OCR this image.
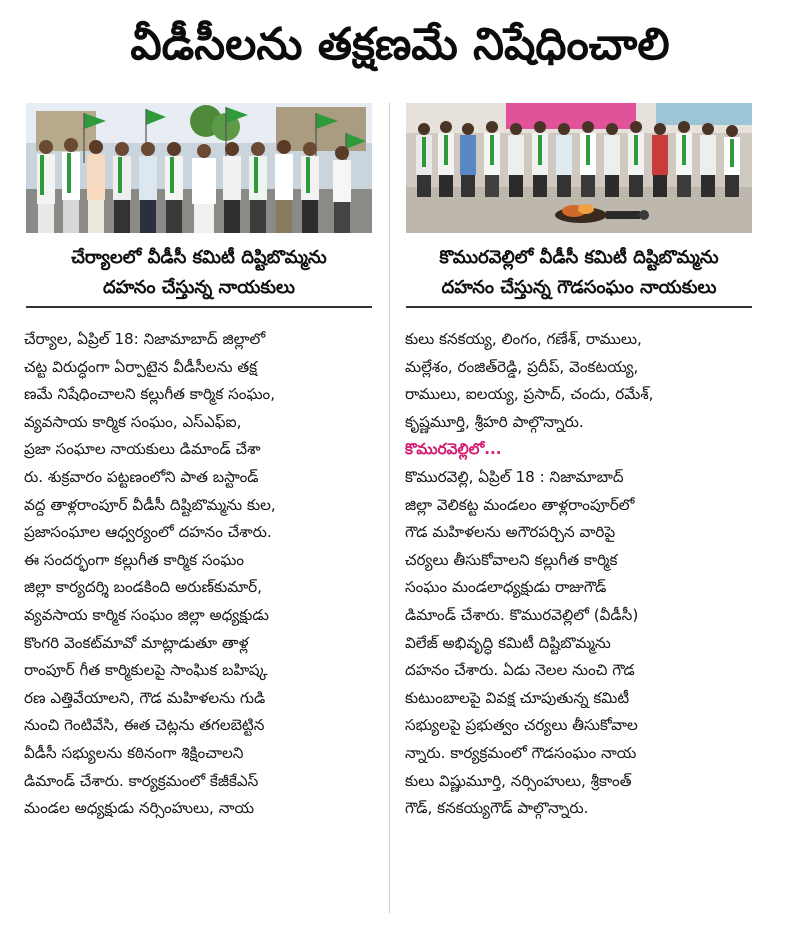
వీడీసీలను తక్షణమే నిషేధించాలి
చేర్యాలలో వీడీసీ కమిటీ దిష్టిబొమ్మను
దహనం చేస్తున్న నాయకులు
కొమురవెల్లిలో వీడీసీ కమిటీ దిష్టిబొమ్మను
దహనం చేస్తున్న గౌడసంఘం నాయకులు
చేర్యాల, ఏప్రిల్ 18: నిజామాబాద్ జిల్లాలో
చట్ట విరుద్ధంగా ఏర్పాటైన వీడీసీలను తక్ష
ణమే నిషేధించాలని కల్లుగీత కార్మిక సంఘం,
వ్యవసాయ కార్మిక సంఘం, ఎస్ఎఫ్ఐ,
ప్రజా సంఘాల నాయకులు డిమాండ్ చేశా
రు. శుక్రవారం పట్టణంలోని పాత బస్టాండ్
వద్ద తాళ్లరాంపూర్ వీడీసీ దిష్టిబొమ్మను కుల,
ప్రజాసంఘాల ఆధ్వర్యంలో దహనం చేశారు.
ఈ సందర్భంగా కల్లుగీత కార్మిక సంఘం
జిల్లా కార్యదర్శి బండకింది అరుణ్‌కుమార్,
వ్యవసాయ కార్మిక సంఘం జిల్లా అధ్యక్షుడు
కొంగరి వెంకట్‌మావో మాట్లాడుతూ తాళ్ల
రాంపూర్ గీత కార్మికులపై సాంఘిక బహిష్క
రణ ఎత్తివేయాలని, గౌడ మహిళలను గుడి
నుంచి గెంటివేసి, ఈత చెట్లను తగలబెట్టిన
వీడీసీ సభ్యులను కఠినంగా శిక్షించాలని
డిమాండ్ చేశారు. కార్యక్రమంలో కేజీకేఎస్
మండల అధ్యక్షుడు నర్సింహులు, నాయ
కులు కనకయ్య, లింగం, గణేశ్, రాములు,
మల్లేశం, రంజిత్‌రెడ్డి, ప్రదీప్, వెంకటయ్య,
రాములు, ఐలయ్య, ప్రసాద్, చందు, రమేశ్,
కృష్ణమూర్తి, శ్రీహరి పాల్గొన్నారు.
కొమురవెల్లిలో...
కొమురవెల్లి, ఏప్రిల్ 18 : నిజామాబాద్
జిల్లా వెలికట్ట మండలం తాళ్లరాంపూర్‌లో
గౌడ మహిళలను అగౌరపర్చిన వారిపై
చర్యలు తీసుకోవాలని కల్లుగీత కార్మిక
సంఘం మండలాధ్యక్షుడు రాజుగౌడ్
డిమాండ్ చేశారు. కొమురవెల్లిలో (వీడీసీ)
విలేజ్ అభివృద్ధి కమిటీ దిష్టిబొమ్మను
దహనం చేశారు. ఏడు నెలల నుంచి గౌడ
కుటుంబాలపై వివక్ష చూపుతున్న కమిటీ
సభ్యులపై ప్రభుత్వం చర్యలు తీసుకోవాల
న్నారు. కార్యక్రమంలో గౌడసంఘం నాయ
కులు విష్ణుమూర్తి, నర్సింహులు, శ్రీకాంత్
గౌడ్, కనకయ్యగౌడ్ పాల్గొన్నారు.
